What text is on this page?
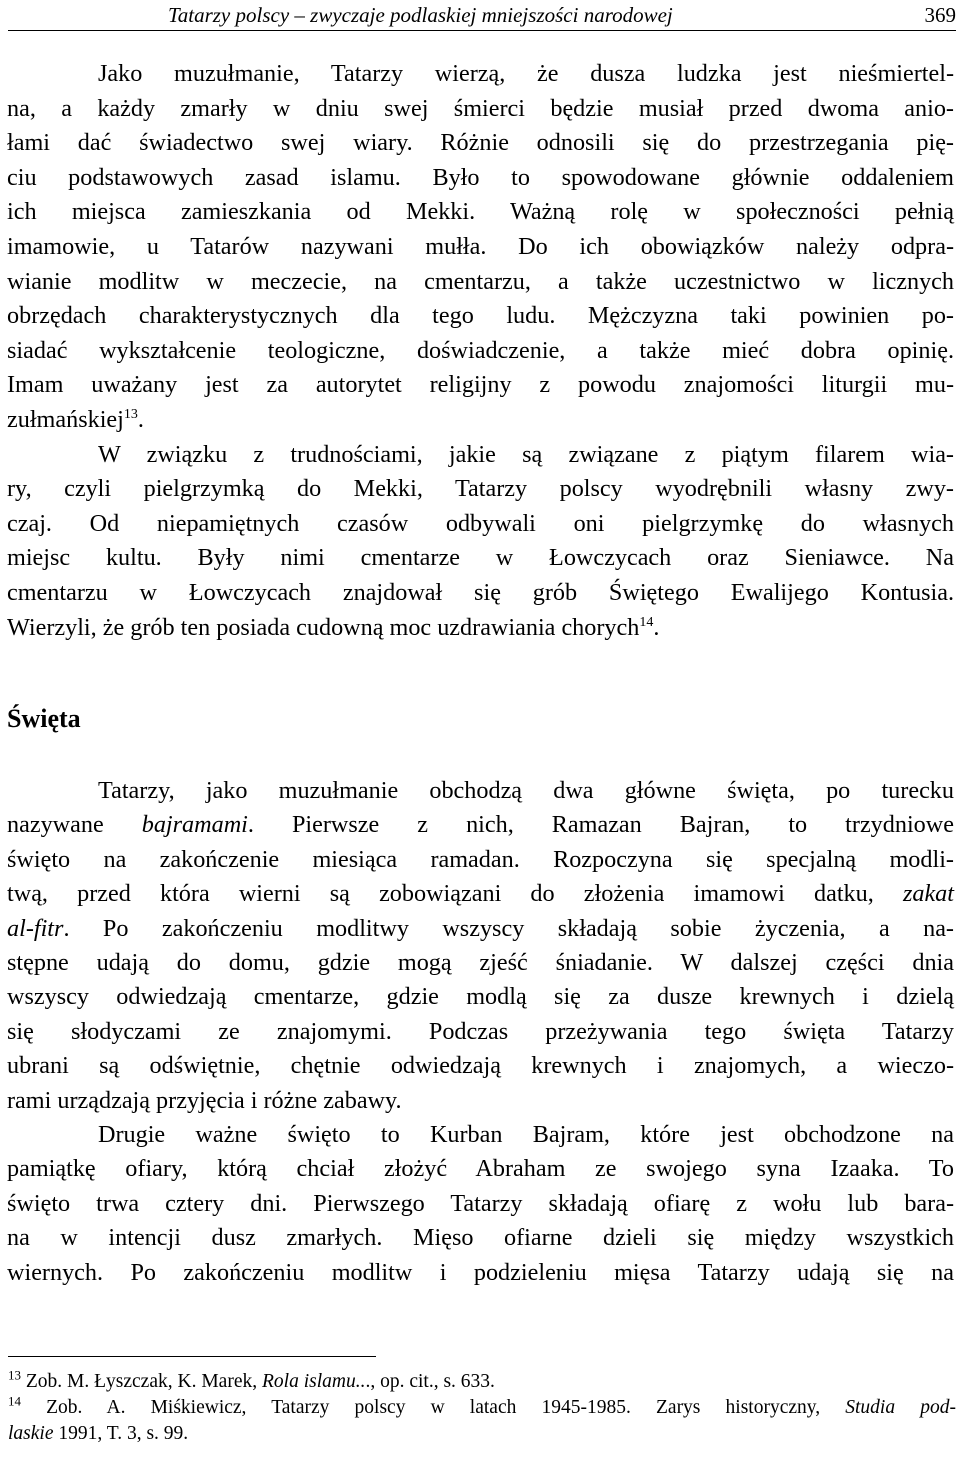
Tatarzy polscy – zwyczaje podlaskiej mniejszości narodowej	369

Jako muzułmanie, Tatarzy wierzą, że dusza ludzka jest nieśmiertel-

na, a każdy zmarły w dniu swej śmierci będzie musiał przed dwoma anio-

łami dać świadectwo swej wiary. Różnie odnosili się do przestrzegania pię-

ciu podstawowych zasad islamu. Było to spowodowane głównie oddaleniem

ich miejsca zamieszkania od Mekki. Ważną rolę w społeczności pełnią

imamowie, u Tatarów nazywani mułła. Do ich obowiązków należy odpra-

wianie modlitw w meczecie, na cmentarzu, a także uczestnictwo w licznych

obrzędach charakterystycznych dla tego ludu. Mężczyzna taki powinien po-

siadać wykształcenie teologiczne, doświadczenie, a także mieć dobra opinię.

Imam uważany jest za autorytet religijny z powodu znajomości liturgii mu-

zułmańskiej$^{13}$.

W związku z trudnościami, jakie są związane z piątym filarem wia-

ry, czyli pielgrzymką do Mekki, Tatarzy polscy wyodrębnili własny zwy-

czaj. Od niepamiętnych czasów odbywali oni pielgrzymkę do własnych

miejsc kultu. Były nimi cmentarze w Łowczycach oraz Sieniawce. Na

cmentarzu w Łowczycach znajdował się grób Świętego Ewalijego Kontusia.

Wierzyli, że grób ten posiada cudowną moc uzdrawiania chorych$^{14}$.

Święta

Tatarzy, jako muzułmanie obchodzą dwa główne święta, po turecku

nazywane bajramami. Pierwsze z nich, Ramazan Bajran, to trzydniowe

święto na zakończenie miesiąca ramadan. Rozpoczyna się specjalną modli-

twą, przed która wierni są zobowiązani do złożenia imamowi datku, zakat

al-fitr. Po zakończeniu modlitwy wszyscy składają sobie życzenia, a na-

stępne udają do domu, gdzie mogą zjeść śniadanie. W dalszej części dnia

wszyscy odwiedzają cmentarze, gdzie modlą się za dusze krewnych i dzielą

się słodyczami ze znajomymi. Podczas przeżywania tego święta Tatarzy

ubrani są odświętnie, chętnie odwiedzają krewnych i znajomych, a wieczo-

rami urządzają przyjęcia i różne zabawy.

Drugie ważne święto to Kurban Bajram, które jest obchodzone na

pamiątkę ofiary, którą chciał złożyć Abraham ze swojego syna Izaaka. To

święto trwa cztery dni. Pierwszego Tatarzy składają ofiarę z wołu lub bara-

na w intencji dusz zmarłych. Mięso ofiarne dzieli się między wszystkich

wiernych. Po zakończeniu modlitw i podzieleniu mięsa Tatarzy udają się na

$^{13}$ Zob. M. Łyszczak, K. Marek, Rola islamu..., op. cit., s. 633.
$^{14}$ Zob. A. Miśkiewicz, Tatarzy polscy w latach 1945-1985. Zarys historyczny, Studia pod-
laskie 1991, T. 3, s. 99.
